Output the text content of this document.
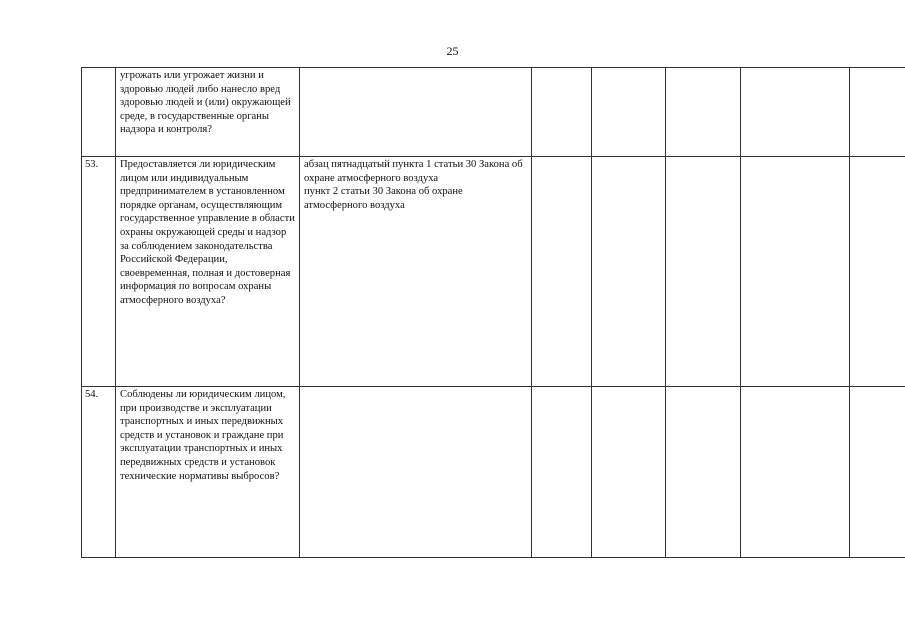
25
	угрожать или угрожает жизни и здоровью людей либо нанесло вред здоровью людей и (или) окружающей среде, в государственные органы надзора и контроля?						
53.	Предоставляется ли юридическим лицом или индивидуальным предпринимателем в установленном порядке органам, осуществляющим государственное управление в области охраны окружающей среды и надзор за соблюдением законодательства Российской Федерации, своевременная, полная и достоверная информация по вопросам охраны атмосферного воздуха?	абзац пятнадцатый пункта 1 статьи 30 Закона об охране атмосферного воздуха
пункт 2 статьи 30 Закона об охране атмосферного воздуха					

54.	Соблюдены ли юридическим лицом, при производстве и эксплуатации транспортных и иных передвижных средств и установок и граждане при эксплуатации транспортных и иных передвижных средств и установок технические нормативы выбросов?						
